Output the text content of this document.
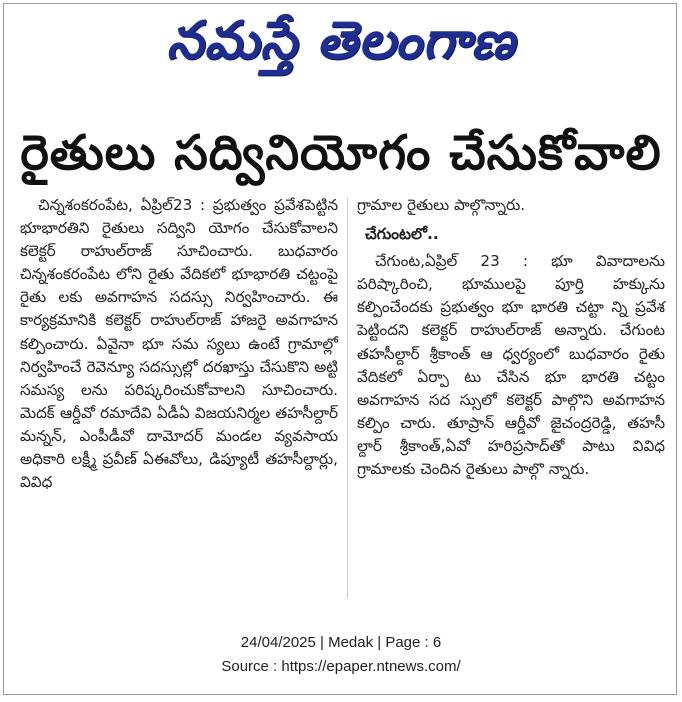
నమస్తే తెలంగాణ
రైతులు సద్వినియోగం చేసుకోవాలి

చిన్నశంకరంపేట, ఏప్రిల్23 : ప్రభుత్వం ప్రవేశపెట్టిన భూభారతిని రైతులు సద్విని యోగం చేసుకోవాలని కలెక్టర్ రాహుల్‌రాజ్ సూచించారు. బుధవారం చిన్నశంకరంపేట లోని రైతు వేదికలో భూభారతి చట్టంపై రైతు లకు అవగాహన సదస్సు నిర్వహించారు. ఈ కార్యక్రమానికి కలెక్టర్ రాహుల్‌రాజ్ హాజరై అవగాహన కల్పించారు. ఏవైనా భూ సమ స్యలు ఉంటే గ్రామాల్లో నిర్వహించే రెవెన్యూ సదస్సుల్లో దరఖాస్తు చేసుకొని అట్టి సమస్య లను పరిష్కరించుకోవాలని సూచించారు. మెదక్ ఆర్డీవో రమాదేవి ఏడీఏ విజయనిర్మల తహసీల్దార్ మన్నన్, ఎంపీడీవో దామోదర్ మండల వ్యవసాయ అధికారి లక్ష్మీ ప్రవీణ్ ఏఈవోలు, డిప్యూటీ తహసీల్దార్లు, వివిధ

గ్రామాల రైతులు పాల్గొన్నారు.

చేగుంటలో..

చేగుంట,ఏప్రిల్ 23 : భూ వివాదాలను పరిష్కారించి, భూములపై పూర్తి హక్కును కల్పించేందకు ప్రభుత్వం భూ భారతి చట్టా న్ని ప్రవేశ పెట్టిందని కలెక్టర్ రాహుల్‌రాజ్ అన్నారు. చేగుంట తహసీల్దార్ శ్రీకాంత్ ఆ ధ్వర్యంలో బుధవారం రైతు వేదికలో ఏర్పా టు చేసిన భూ భారతి చట్టం అవగాహన సద స్సులో కలెక్టర్ పాల్గొని అవగాహన కల్పిం చారు. తూప్రాన్ ఆర్డీవో జైచంద్రరెడ్డి, తహసీ ల్దార్ శ్రీకాంత్,ఏవో హరిప్రసాద్‌తో పాటు వివిధ గ్రామాలకు చెందిన రైతులు పాల్గొ న్నారు.

24/04/2025 | Medak | Page : 6
Source : https://epaper.ntnews.com/
